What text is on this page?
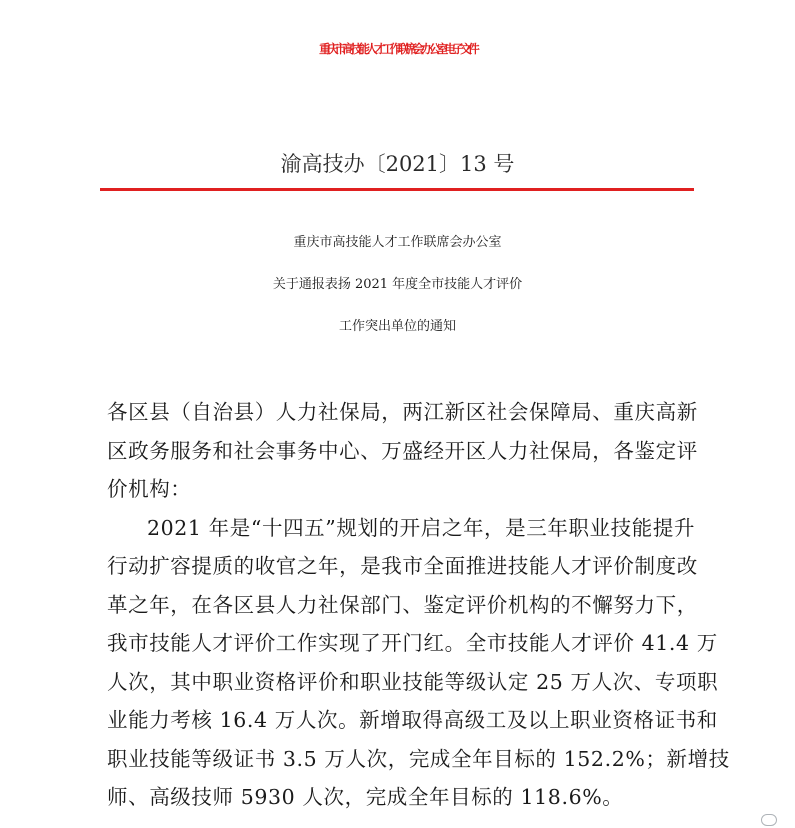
重庆市高技能人才工作联席会办公室电子文件
渝高技办〔2021〕13 号
重庆市高技能人才工作联席会办公室
关于通报表扬 2021 年度全市技能人才评价
工作突出单位的通知
各区县（自治县）人力社保局，两江新区社会保障局、重庆高新
区政务服务和社会事务中心、万盛经开区人力社保局，各鉴定评
价机构：
2021 年是“十四五”规划的开启之年，是三年职业技能提升
行动扩容提质的收官之年，是我市全面推进技能人才评价制度改
革之年，在各区县人力社保部门、鉴定评价机构的不懈努力下，
我市技能人才评价工作实现了开门红。全市技能人才评价 41.4 万
人次，其中职业资格评价和职业技能等级认定 25 万人次、专项职
业能力考核 16.4 万人次。新增取得高级工及以上职业资格证书和
职业技能等级证书 3.5 万人次，完成全年目标的 152.2%；新增技
师、高级技师 5930 人次，完成全年目标的 118.6%。
